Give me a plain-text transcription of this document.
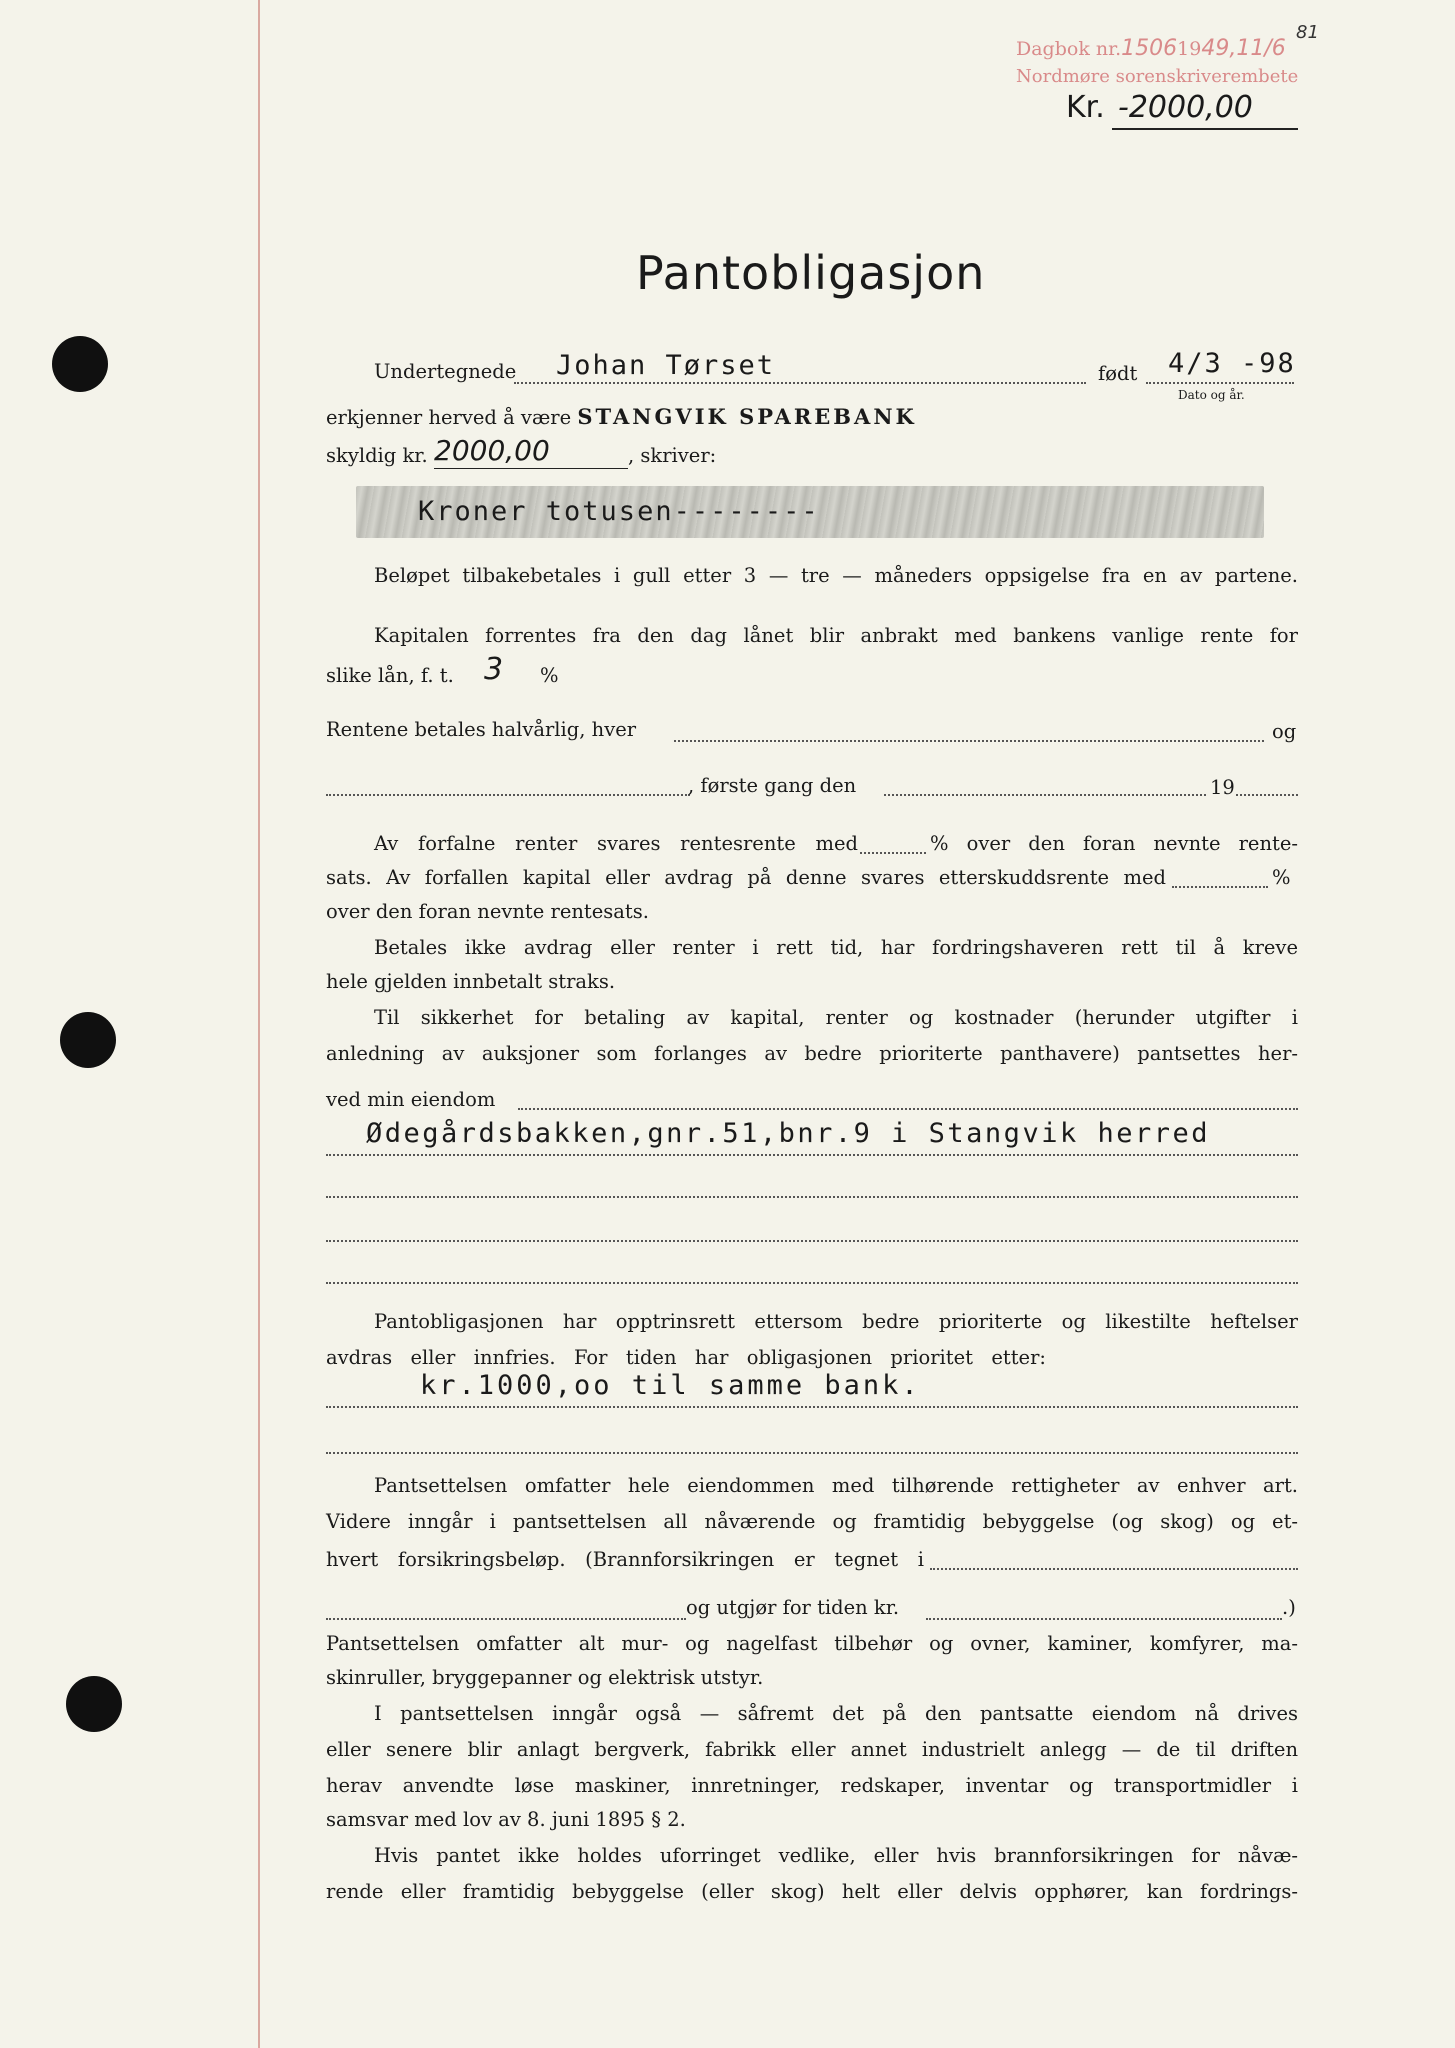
Dagbok nr.15061949,11/6
81
Nordmøre sorenskriverembete
Kr. -2000,00
Pantobligasjon
Undertegnede Johan Tørset	født 4/3 -98
Dato og år.
erkjenner herved å være STANGVIK SPAREBANK
skyldig kr. 2000,00	, skriver:
Kroner totusen--------
Beløpet tilbakebetales i gull etter 3 — tre — måneders oppsigelse fra en av partene.
Kapitalen forrentes fra den dag lånet blir anbrakt med bankens vanlige rente for
slike lån, f. t. 3 %
Rentene betales halvårlig, hver	og
, første gang den	19
Av forfalne renter svares rentesrente med	% over den foran nevnte rente-
sats. Av forfallen kapital eller avdrag på denne svares etterskuddsrente med	%
over den foran nevnte rentesats.
Betales ikke avdrag eller renter i rett tid, har fordringshaveren rett til å kreve
hele gjelden innbetalt straks.
Til sikkerhet for betaling av kapital, renter og kostnader (herunder utgifter i
anledning av auksjoner som forlanges av bedre prioriterte panthavere) pantsettes her-
ved min eiendom
Ødegårdsbakken,gnr.51,bnr.9 i Stangvik herred
Pantobligasjonen har opptrinsrett ettersom bedre prioriterte og likestilte heftelser
avdras eller innfries. For tiden har obligasjonen prioritet etter:
kr.1000,oo til samme bank.
Pantsettelsen omfatter hele eiendommen med tilhørende rettigheter av enhver art.
Videre inngår i pantsettelsen all nåværende og framtidig bebyggelse (og skog) og et-
hvert forsikringsbeløp. (Brannforsikringen er tegnet i
og utgjør for tiden kr.	.)
Pantsettelsen omfatter alt mur- og nagelfast tilbehør og ovner, kaminer, komfyrer, ma-
skinruller, bryggepanner og elektrisk utstyr.
I pantsettelsen inngår også — såfremt det på den pantsatte eiendom nå drives
eller senere blir anlagt bergverk, fabrikk eller annet industrielt anlegg — de til driften
herav anvendte løse maskiner, innretninger, redskaper, inventar og transportmidler i
samsvar med lov av 8. juni 1895 § 2.
Hvis pantet ikke holdes uforringet vedlike, eller hvis brannforsikringen for nåvæ-
rende eller framtidig bebyggelse (eller skog) helt eller delvis opphører, kan fordrings-
